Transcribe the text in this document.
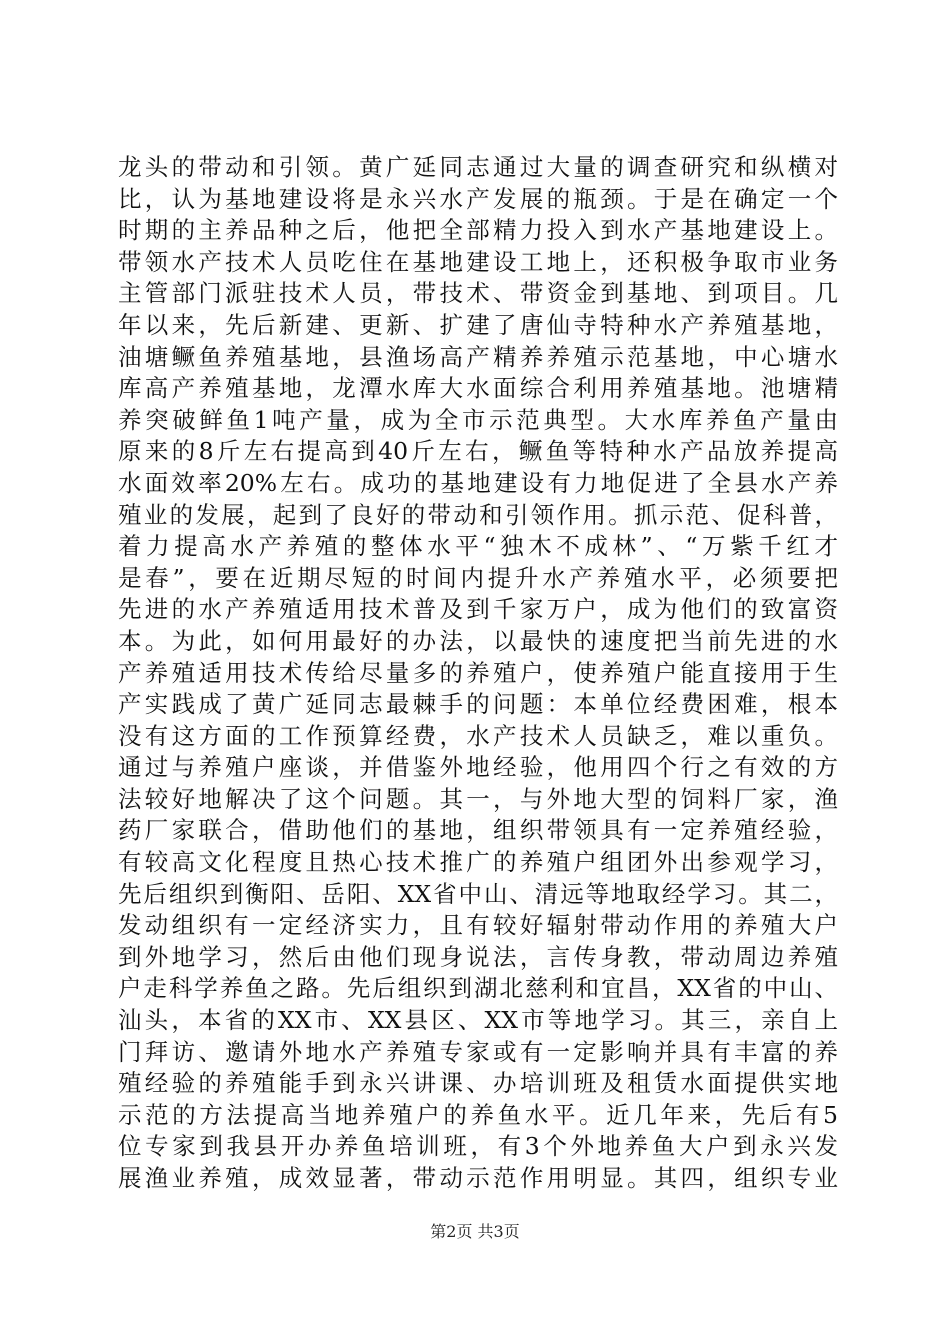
龙头的带动和引领。黄广延同志通过大量的调查研究和纵横对
比，认为基地建设将是永兴水产发展的瓶颈。于是在确定一个
时期的主养品种之后，他把全部精力投入到水产基地建设上。
带领水产技术人员吃住在基地建设工地上，还积极争取市业务
主管部门派驻技术人员，带技术、带资金到基地、到项目。几
年以来，先后新建、更新、扩建了唐仙寺特种水产养殖基地，
油塘鳜鱼养殖基地，县渔场高产精养养殖示范基地，中心塘水
库高产养殖基地，龙潭水库大水面综合利用养殖基地。池塘精
养突破鲜鱼1吨产量，成为全市示范典型。大水库养鱼产量由
原来的8斤左右提高到40斤左右，鳜鱼等特种水产品放养提高
水面效率20%左右。成功的基地建设有力地促进了全县水产养
殖业的发展，起到了良好的带动和引领作用。抓示范、促科普，
着力提高水产养殖的整体水平“独木不成林”、“万紫千红才
是春”，要在近期尽短的时间内提升水产养殖水平，必须要把
先进的水产养殖适用技术普及到千家万户，成为他们的致富资
本。为此，如何用最好的办法，以最快的速度把当前先进的水
产养殖适用技术传给尽量多的养殖户，使养殖户能直接用于生
产实践成了黄广延同志最棘手的问题：本单位经费困难，根本
没有这方面的工作预算经费，水产技术人员缺乏，难以重负。
通过与养殖户座谈，并借鉴外地经验，他用四个行之有效的方
法较好地解决了这个问题。其一，与外地大型的饲料厂家，渔
药厂家联合，借助他们的基地，组织带领具有一定养殖经验，
有较高文化程度且热心技术推广的养殖户组团外出参观学习，
先后组织到衡阳、岳阳、XX省中山、清远等地取经学习。其二，
发动组织有一定经济实力，且有较好辐射带动作用的养殖大户
到外地学习，然后由他们现身说法，言传身教，带动周边养殖
户走科学养鱼之路。先后组织到湖北慈利和宜昌，XX省的中山、
汕头，本省的XX市、XX县区、XX市等地学习。其三，亲自上
门拜访、邀请外地水产养殖专家或有一定影响并具有丰富的养
殖经验的养殖能手到永兴讲课、办培训班及租赁水面提供实地
示范的方法提高当地养殖户的养鱼水平。近几年来，先后有5
位专家到我县开办养鱼培训班，有3个外地养鱼大户到永兴发
展渔业养殖，成效显著，带动示范作用明显。其四，组织专业
第2页 共3页
